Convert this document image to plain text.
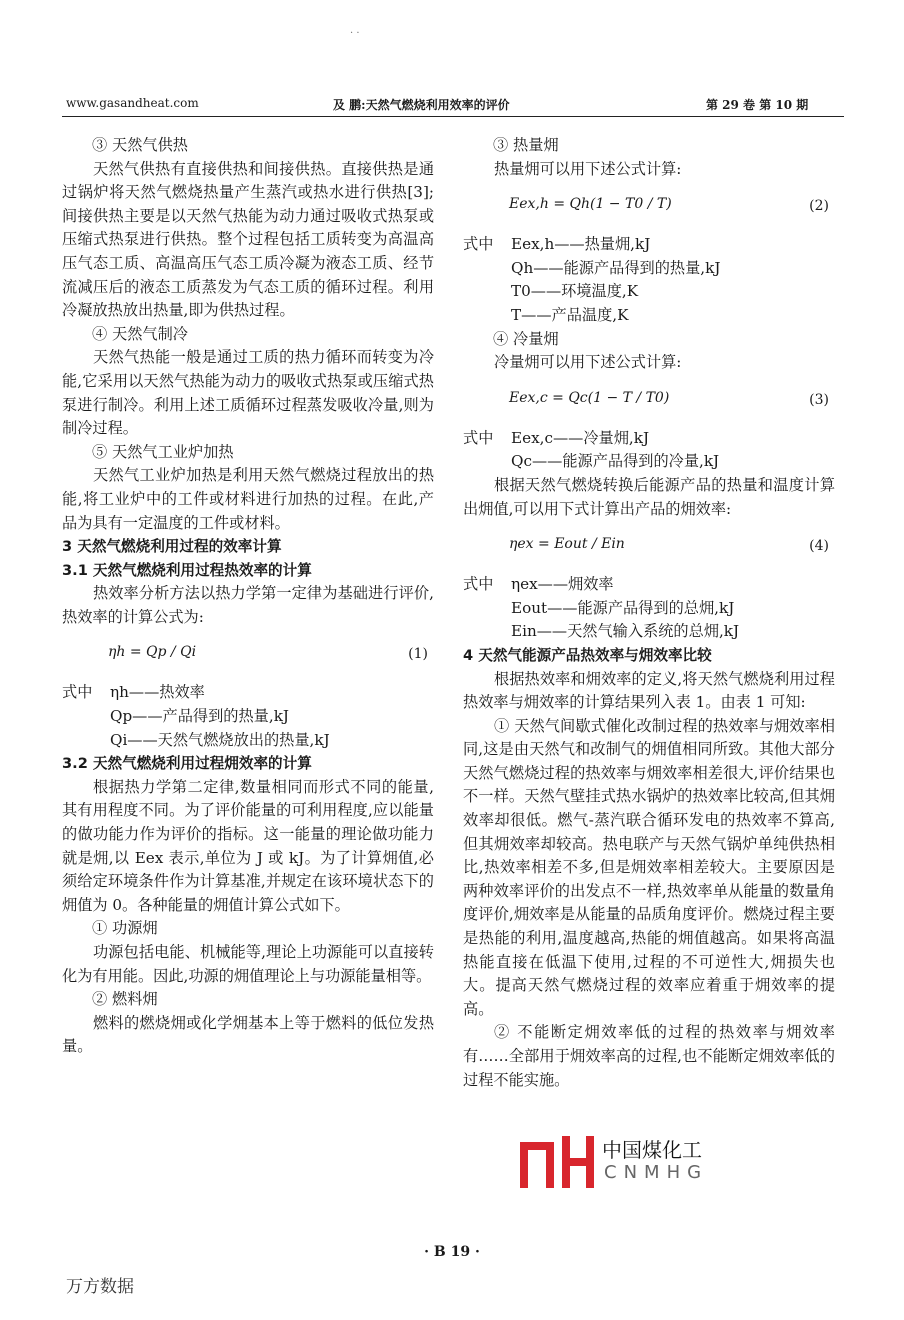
· ·
www.gasandheat.com	及 鹏:天然气燃烧利用效率的评价	第 29 卷 第 10 期

③ 天然气供热

天然气供热有直接供热和间接供热。直接供热是通过锅炉将天然气燃烧热量产生蒸汽或热水进行供热[3];间接供热主要是以天然气热能为动力通过吸收式热泵或压缩式热泵进行供热。整个过程包括工质转变为高温高压气态工质、高温高压气态工质冷凝为液态工质、经节流减压后的液态工质蒸发为气态工质的循环过程。利用冷凝放热放出热量,即为供热过程。

④ 天然气制冷

天然气热能一般是通过工质的热力循环而转变为冷能,它采用以天然气热能为动力的吸收式热泵或压缩式热泵进行制冷。利用上述工质循环过程蒸发吸收冷量,则为制冷过程。

⑤ 天然气工业炉加热

天然气工业炉加热是利用天然气燃烧过程放出的热能,将工业炉中的工件或材料进行加热的过程。在此,产品为具有一定温度的工件或材料。

3 天然气燃烧利用过程的效率计算

3.1 天然气燃烧利用过程热效率的计算

热效率分析方法以热力学第一定律为基础进行评价,热效率的计算公式为:

ηh = Qp / Qi	(1)
式中 ηh——热效率
Qp——产品得到的热量,kJ
Qi——天然气燃烧放出的热量,kJ

3.2 天然气燃烧利用过程㶲效率的计算

根据热力学第二定律,数量相同而形式不同的能量,其有用程度不同。为了评价能量的可利用程度,应以能量的做功能力作为评价的指标。这一能量的理论做功能力就是㶲,以 Eex 表示,单位为 J 或 kJ。为了计算㶲值,必须给定环境条件作为计算基准,并规定在该环境状态下的㶲值为 0。各种能量的㶲值计算公式如下。

① 功源㶲

功源包括电能、机械能等,理论上功源能可以直接转化为有用能。因此,功源的㶲值理论上与功源能量相等。

② 燃料㶲

燃料的燃烧㶲或化学㶲基本上等于燃料的低位发热量。

③ 热量㶲

热量㶲可以用下述公式计算:

Eex,h = Qh(1 − T0 / T)	(2)
式中 Eex,h——热量㶲,kJ
Qh——能源产品得到的热量,kJ
T0——环境温度,K
T——产品温度,K

④ 冷量㶲

冷量㶲可以用下述公式计算:

Eex,c = Qc(1 − T / T0)	(3)
式中 Eex,c——冷量㶲,kJ
Qc——能源产品得到的冷量,kJ

根据天然气燃烧转换后能源产品的热量和温度计算出㶲值,可以用下式计算出产品的㶲效率:

ηex = Eout / Ein	(4)
式中 ηex——㶲效率
Eout——能源产品得到的总㶲,kJ
Ein——天然气输入系统的总㶲,kJ

4 天然气能源产品热效率与㶲效率比较

根据热效率和㶲效率的定义,将天然气燃烧利用过程热效率与㶲效率的计算结果列入表 1。由表 1 可知:

① 天然气间歇式催化改制过程的热效率与㶲效率相同,这是由天然气和改制气的㶲值相同所致。其他大部分天然气燃烧过程的热效率与㶲效率相差很大,评价结果也不一样。天然气壁挂式热水锅炉的热效率比较高,但其㶲效率却很低。燃气-蒸汽联合循环发电的热效率不算高,但其㶲效率却较高。热电联产与天然气锅炉单纯供热相比,热效率相差不多,但是㶲效率相差较大。主要原因是两种效率评价的出发点不一样,热效率单从能量的数量角度评价,㶲效率是从能量的品质角度评价。燃烧过程主要是热能的利用,温度越高,热能的㶲值越高。如果将高温热能直接在低温下使用,过程的不可逆性大,㶲损失也大。提高天然气燃烧过程的效率应着重于㶲效率的提高。

② 不能断定㶲效率低的过程的热效率与㶲效率有……全部用于㶲效率高的过程,也不能断定㶲效率低的过程不能实施。

中国煤化工
CNMHG
· B 19 ·
万方数据
